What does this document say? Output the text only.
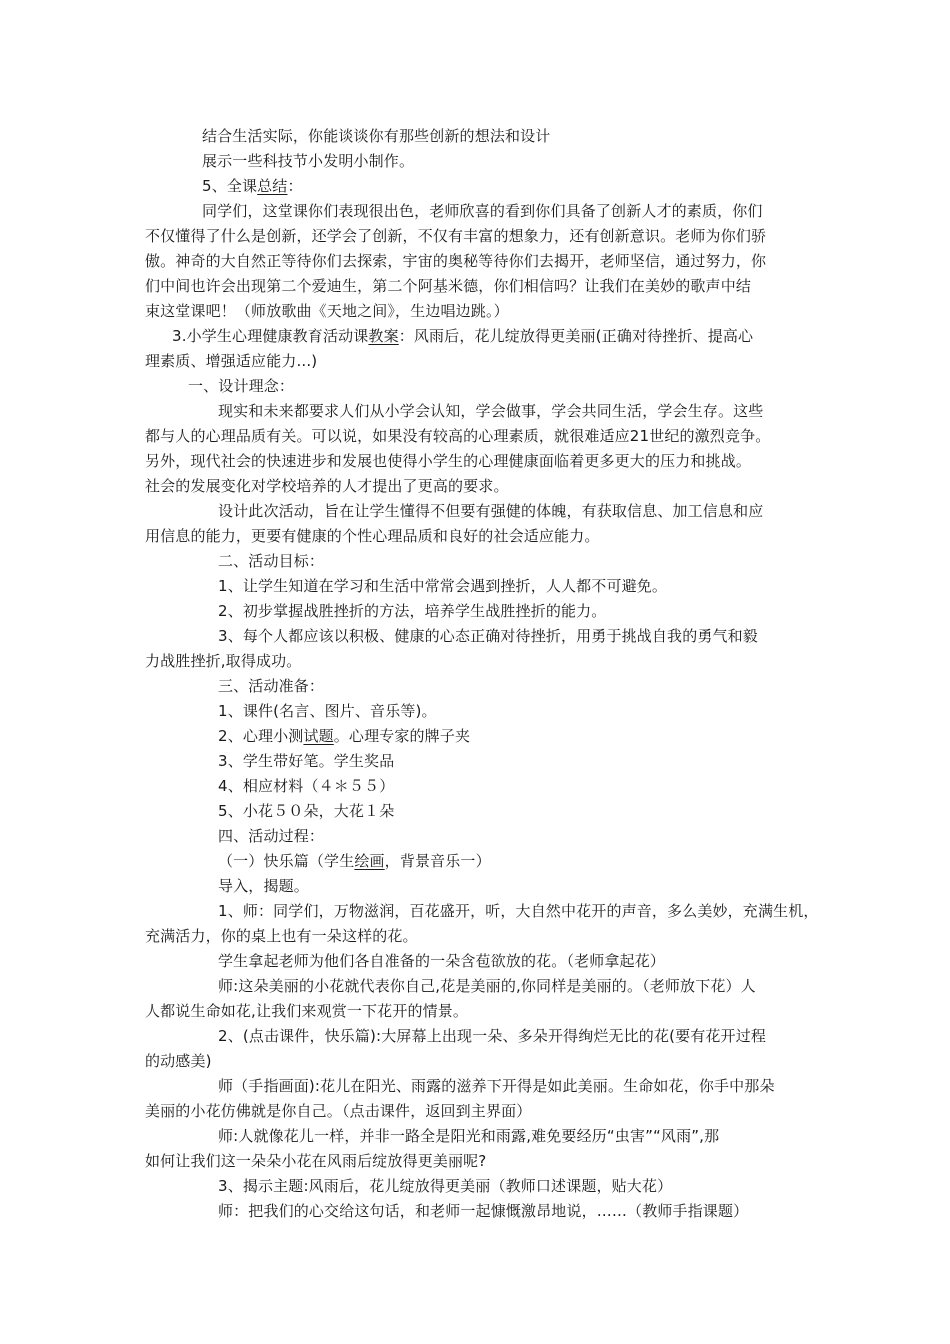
结合生活实际，你能谈谈你有那些创新的想法和设计
展示一些科技节小发明小制作。
5、全课总结：
同学们，这堂课你们表现很出色，老师欣喜的看到你们具备了创新人才的素质，你们
不仅懂得了什么是创新，还学会了创新，不仅有丰富的想象力，还有创新意识。老师为你们骄
傲。神奇的大自然正等待你们去探索，宇宙的奥秘等待你们去揭开，老师坚信，通过努力，你
们中间也许会出现第二个爱迪生，第二个阿基米德，你们相信吗？让我们在美妙的歌声中结
束这堂课吧！（师放歌曲《天地之间》，生边唱边跳。）
3.小学生心理健康教育活动课教案：风雨后，花儿绽放得更美丽(正确对待挫折、提高心
理素质、增强适应能力...)
一、设计理念：
现实和未来都要求人们从小学会认知，学会做事，学会共同生活，学会生存。这些
都与人的心理品质有关。可以说，如果没有较高的心理素质，就很难适应21世纪的激烈竞争。
另外，现代社会的快速进步和发展也使得小学生的心理健康面临着更多更大的压力和挑战。
社会的发展变化对学校培养的人才提出了更高的要求。
设计此次活动，旨在让学生懂得不但要有强健的体魄，有获取信息、加工信息和应
用信息的能力，更要有健康的个性心理品质和良好的社会适应能力。
二、活动目标：
1、让学生知道在学习和生活中常常会遇到挫折，人人都不可避免。
2、初步掌握战胜挫折的方法，培养学生战胜挫折的能力。
3、每个人都应该以积极、健康的心态正确对待挫折，用勇于挑战自我的勇气和毅
力战胜挫折,取得成功。
三、活动准备：
1、课件(名言、图片、音乐等)。
2、心理小测试题。心理专家的牌子夹
3、学生带好笔。学生奖品
4、相应材料（４＊５５）
5、小花５０朵，大花１朵
四、活动过程：
（一）快乐篇（学生绘画，背景音乐一）
导入，揭题。
1、师：同学们，万物滋润，百花盛开，听，大自然中花开的声音，多么美妙，充满生机，
充满活力，你的桌上也有一朵这样的花。
学生拿起老师为他们各自准备的一朵含苞欲放的花。（老师拿起花）
师:这朵美丽的小花就代表你自己,花是美丽的,你同样是美丽的。（老师放下花）人
人都说生命如花,让我们来观赏一下花开的情景。
2、(点击课件，快乐篇):大屏幕上出现一朵、多朵开得绚烂无比的花(要有花开过程
的动感美)
师（手指画面):花儿在阳光、雨露的滋养下开得是如此美丽。生命如花，你手中那朵
美丽的小花仿佛就是你自己。（点击课件，返回到主界面）
师:人就像花儿一样，并非一路全是阳光和雨露,难免要经历“虫害”“风雨”,那
如何让我们这一朵朵小花在风雨后绽放得更美丽呢?
3、揭示主题:风雨后，花儿绽放得更美丽（教师口述课题，贴大花）
师：把我们的心交给这句话，和老师一起慷慨激昂地说，……（教师手指课题）
